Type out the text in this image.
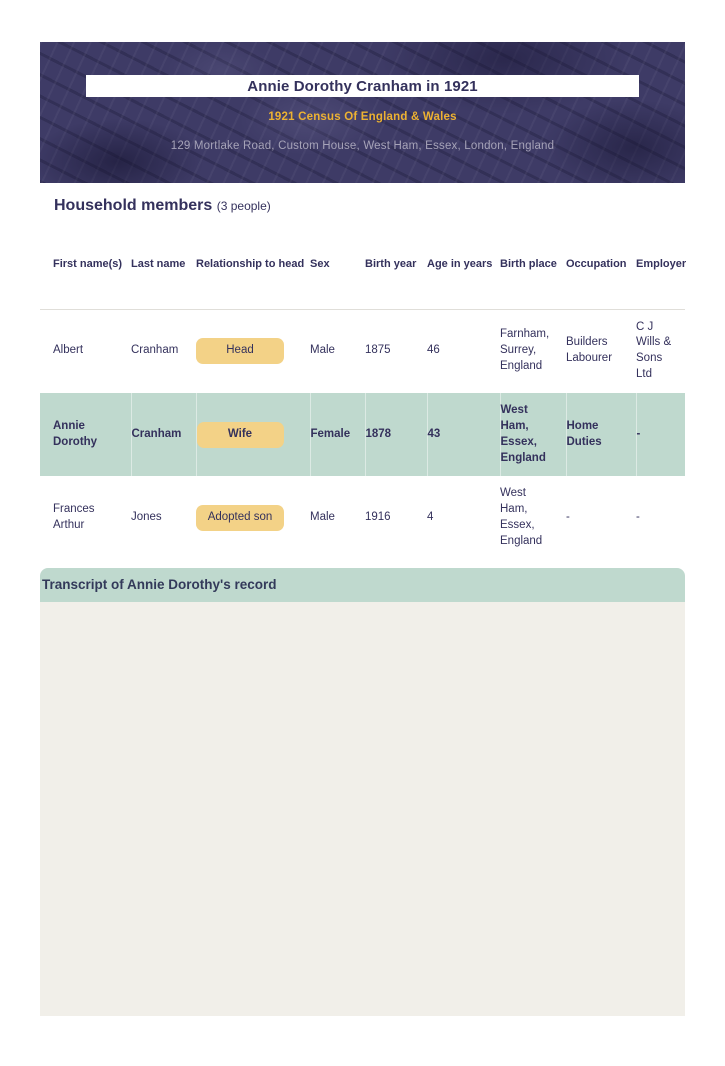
Annie Dorothy Cranham in 1921
1921 Census Of England & Wales
129 Mortlake Road, Custom House, West Ham, Essex, London, England
Household members (3 people)
First name(s)	Last name	Relationship to head	Sex	Birth year	Age in years	Birth place	Occupation	Employer
Albert	Cranham	Head	Male	1875	46	Farnham, Surrey, England	Builders Labourer	C J Wills & Sons Ltd
Annie Dorothy	Cranham	Wife	Female	1878	43	West Ham, Essex, England	Home Duties	-
Frances Arthur	Jones	Adopted son	Male	1916	4	West Ham, Essex, England	-	-
Transcript of Annie Dorothy's record
